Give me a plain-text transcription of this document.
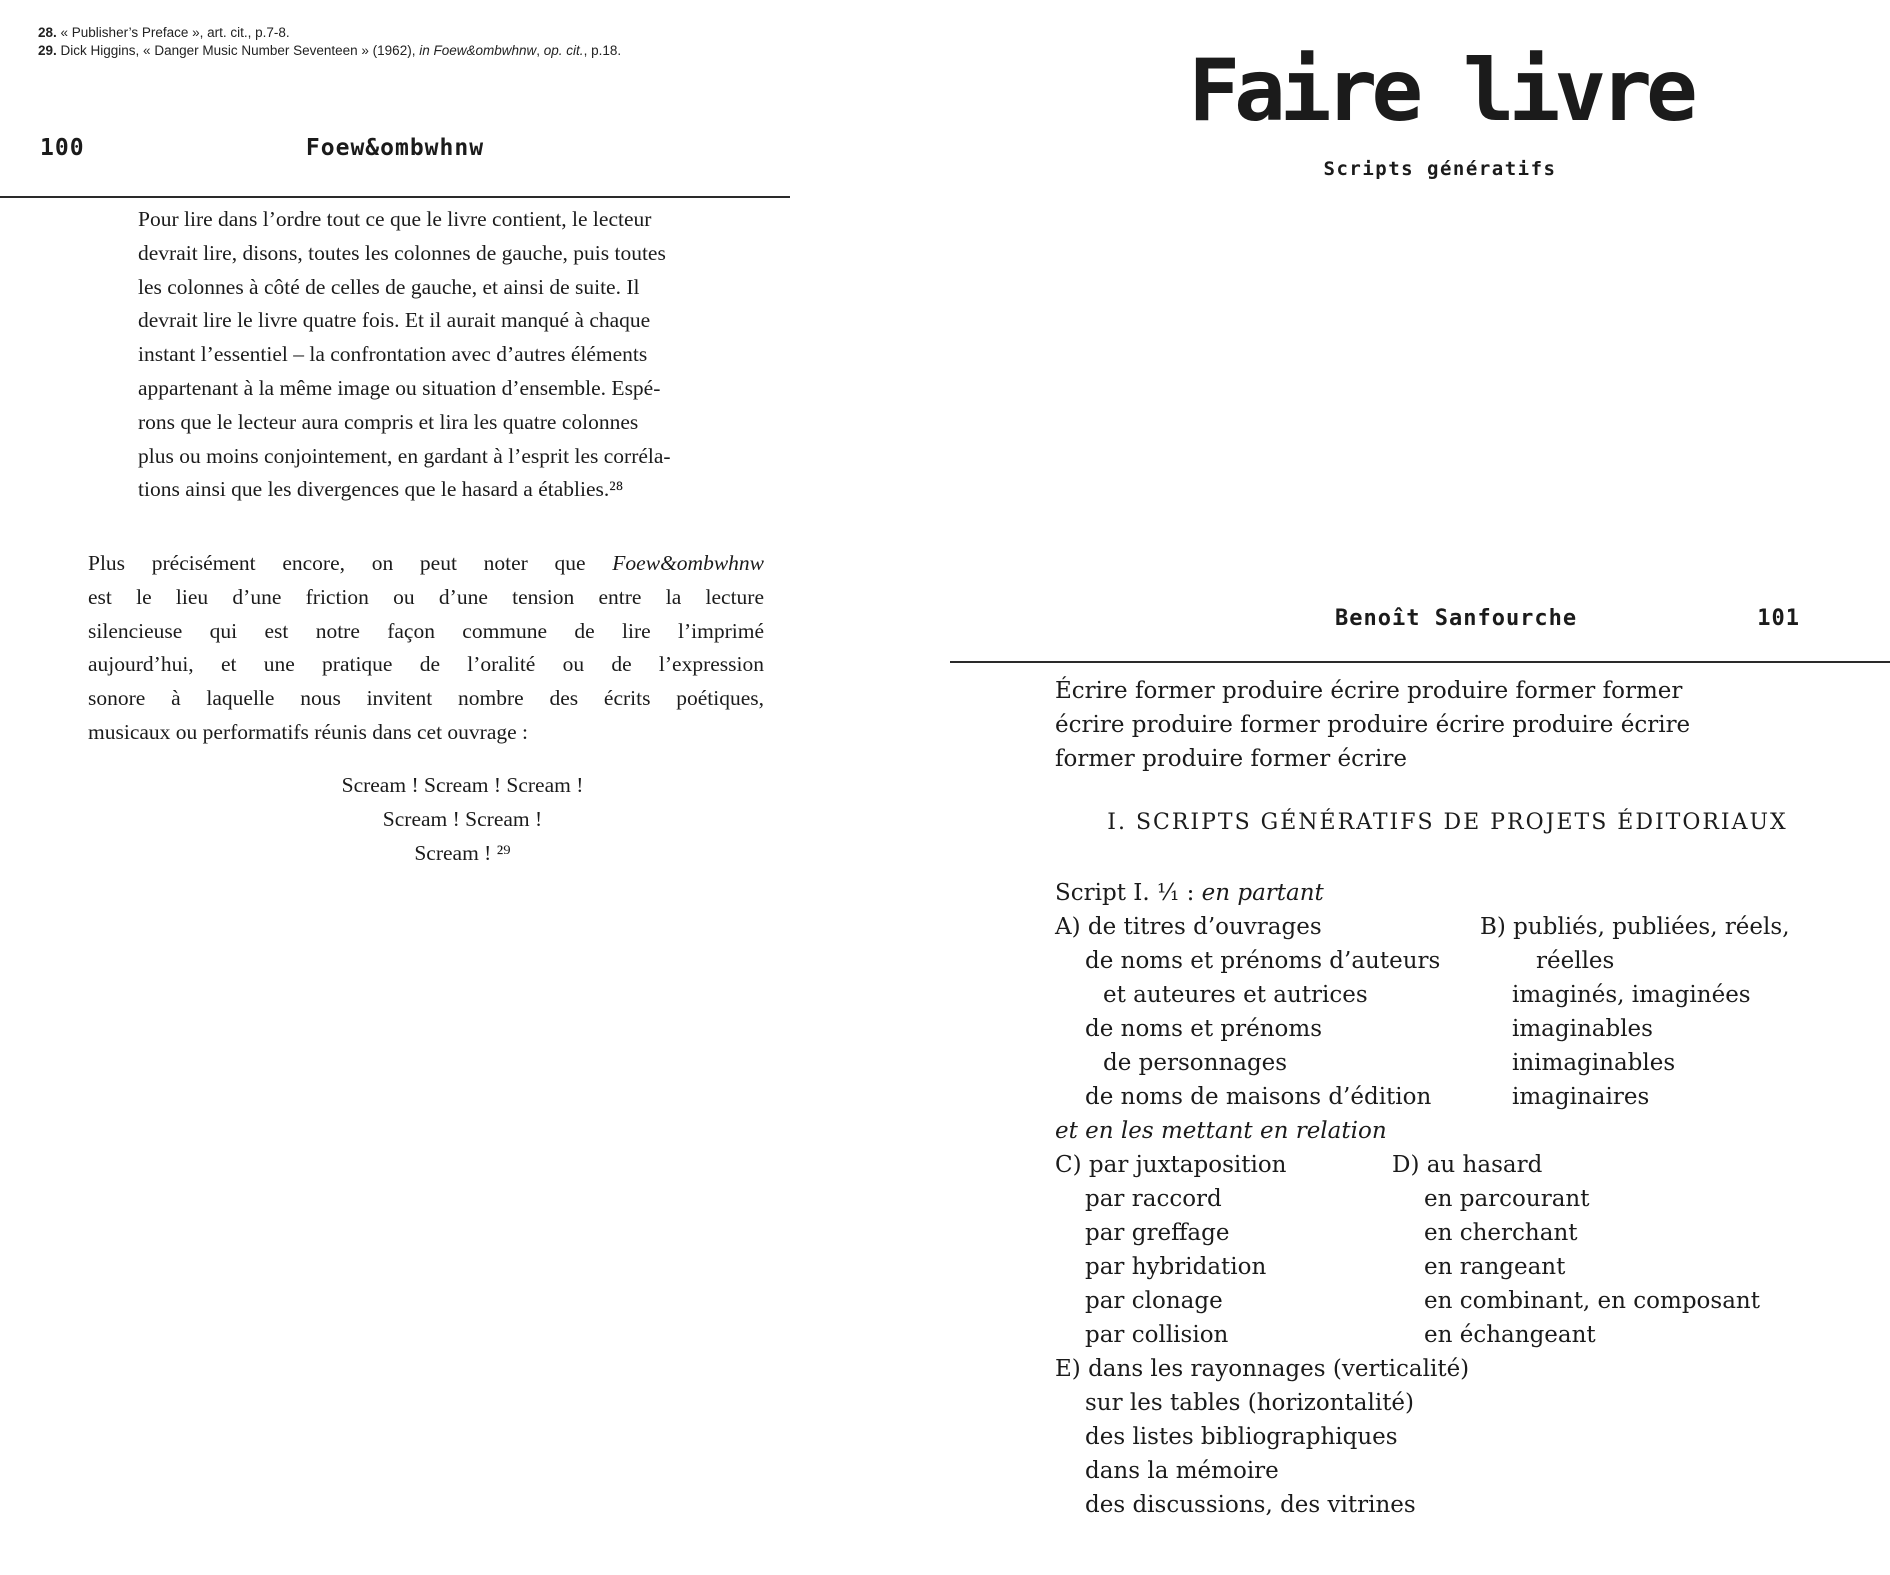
28. « Publisher’s Preface », art. cit., p.7-8.
29. Dick Higgins, « Danger Music Number Seventeen » (1962), in Foew&ombwhnw, op. cit., p.18.
100	Foew&ombwhnw
Pour lire dans l’ordre tout ce que le livre contient, le lecteur
devrait lire, disons, toutes les colonnes de gauche, puis toutes
les colonnes à côté de celles de gauche, et ainsi de suite. Il
devrait lire le livre quatre fois. Et il aurait manqué à chaque
instant l’essentiel – la confrontation avec d’autres éléments
appartenant à la même image ou situation d’ensemble. Espé-
rons que le lecteur aura compris et lira les quatre colonnes
plus ou moins conjointement, en gardant à l’esprit les corréla-
tions ainsi que les divergences que le hasard a établies.²⁸
Plus précisément encore, on peut noter que Foew&ombwhnw
est le lieu d’une friction ou d’une tension entre la lecture
silencieuse qui est notre façon commune de lire l’imprimé
aujourd’hui, et une pratique de l’oralité ou de l’expression
sonore à laquelle nous invitent nombre des écrits poétiques,
musicaux ou performatifs réunis dans cet ouvrage :
Scream ! Scream ! Scream !
Scream ! Scream !
Scream ! ²⁹
Faire livre
Scripts génératifs
Benoît Sanfourche	101
Écrire former produire écrire produire former former
écrire produire former produire écrire produire écrire
former produire former écrire
I. SCRIPTS GÉNÉRATIFS DE PROJETS ÉDITORIAUX
Script I. ¹⁄₁ : en partant
A) de titres d’ouvrages	B) publiés, publiées, réels,
de noms et prénoms d’auteurs	réelles
et auteures et autrices	imaginés, imaginées
de noms et prénoms	imaginables
de personnages	inimaginables
de noms de maisons d’édition	imaginaires
et en les mettant en relation
C) par juxtaposition	D) au hasard
par raccord	en parcourant
par greffage	en cherchant
par hybridation	en rangeant
par clonage	en combinant, en composant
par collision	en échangeant
E) dans les rayonnages (verticalité)
sur les tables (horizontalité)
des listes bibliographiques
dans la mémoire
des discussions, des vitrines
